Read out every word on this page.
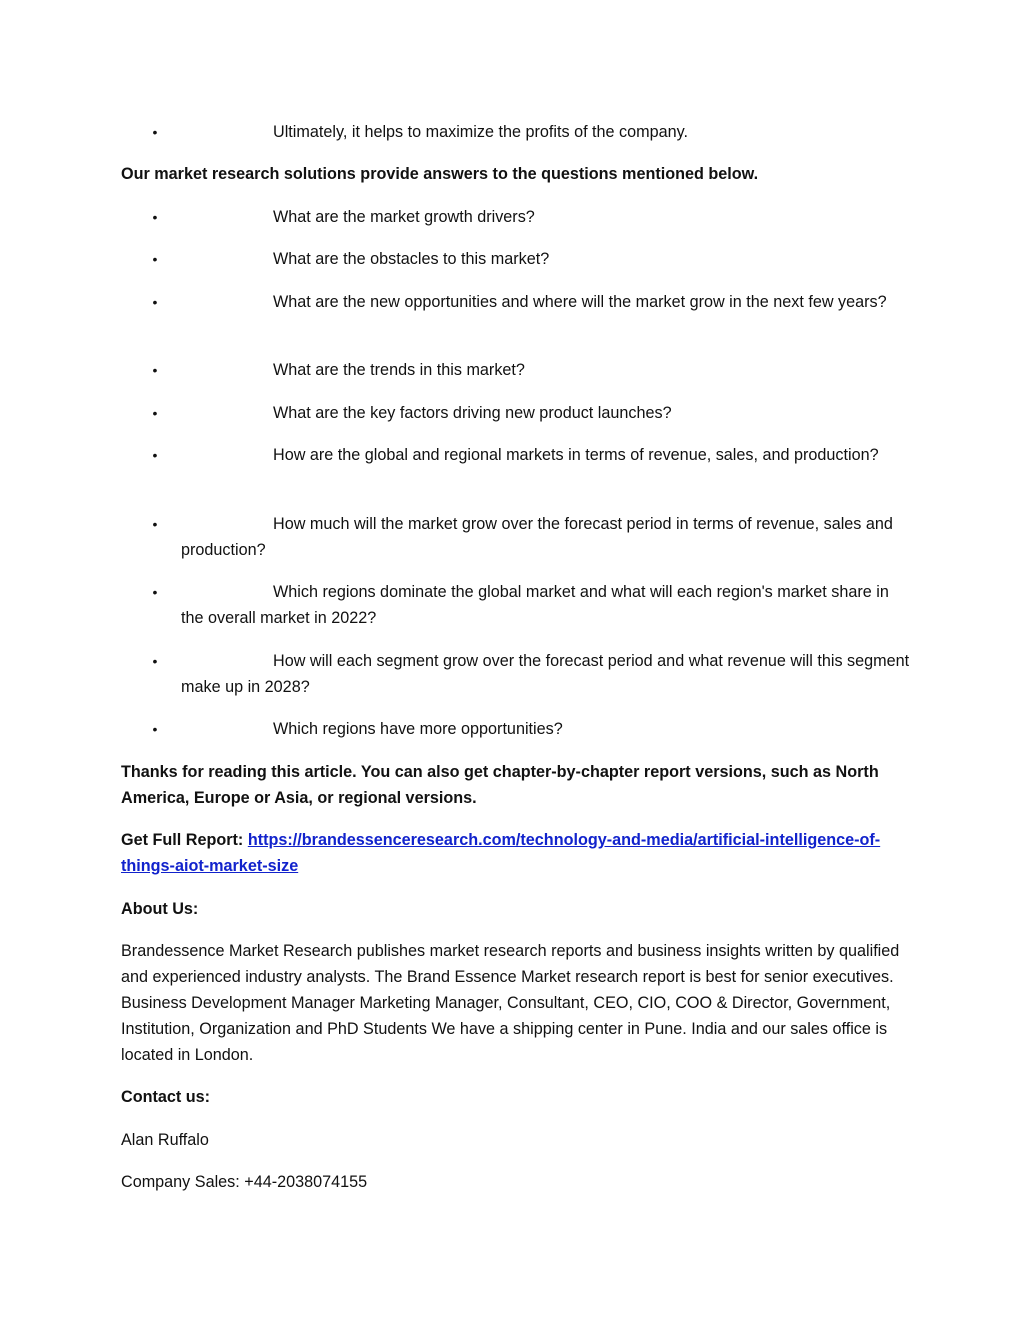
•	Ultimately, it helps to maximize the profits of the company.
Our market research solutions provide answers to the questions mentioned below.
•	What are the market growth drivers?
•	What are the obstacles to this market?
•	What are the new opportunities and where will the market grow in the next few years?
•	What are the trends in this market?
•	What are the key factors driving new product launches?
•	How are the global and regional markets in terms of revenue, sales, and production?
•	How much will the market grow over the forecast period in terms of revenue, sales and production?
•	Which regions dominate the global market and what will each region's market share in the overall market in 2022?
•	How will each segment grow over the forecast period and what revenue will this segment make up in 2028?
•	Which regions have more opportunities?
Thanks for reading this article. You can also get chapter-by-chapter report versions, such as North America, Europe or Asia, or regional versions.
Get Full Report: https://brandessenceresearch.com/technology-and-media/artificial-intelligence-of-things-aiot-market-size
About Us:
Brandessence Market Research publishes market research reports and business insights written by qualified and experienced industry analysts. The Brand Essence Market research report is best for senior executives. Business Development Manager Marketing Manager, Consultant, CEO, CIO, COO & Director, Government, Institution, Organization and PhD Students We have a shipping center in Pune. India and our sales office is located in London.
Contact us:
Alan Ruffalo
Company Sales: +44-2038074155
